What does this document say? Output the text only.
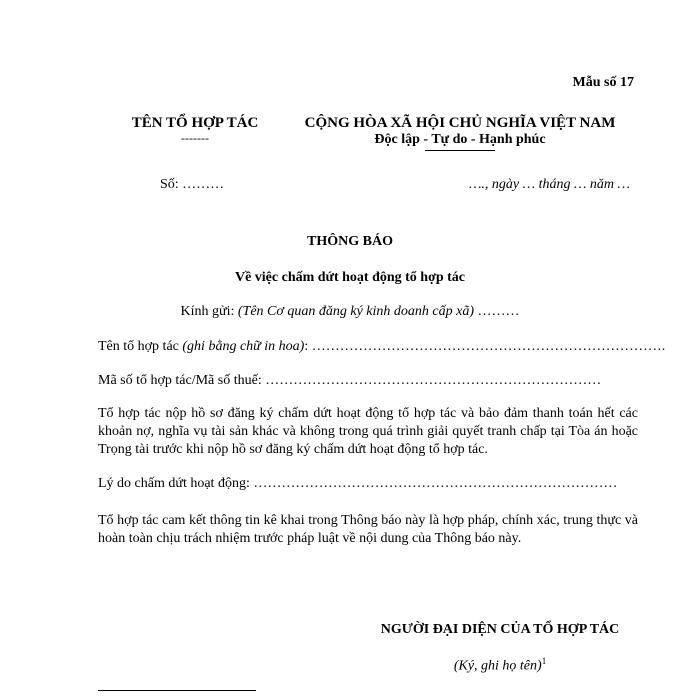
Mẫu số 17
TÊN TỔ HỢP TÁC
-------
CỘNG HÒA XÃ HỘI CHỦ NGHĨA VIỆT NAM
Độc lập - Tự do - Hạnh phúc
Số: ………	…., ngày … tháng … năm …
THÔNG BÁO
Về việc chấm dứt hoạt động tổ hợp tác
Kính gửi: (Tên Cơ quan đăng ký kinh doanh cấp xã) ………
Tên tổ hợp tác (ghi bằng chữ in hoa): ………………………………………………………………….
Mã số tổ hợp tác/Mã số thuế: ………………………………………………………………
Tổ hợp tác nộp hồ sơ đăng ký chấm dứt hoạt động tổ hợp tác và bảo đảm thanh toán hết các khoản nợ, nghĩa vụ tài sản khác và không trong quá trình giải quyết tranh chấp tại Tòa án hoặc Trọng tài trước khi nộp hồ sơ đăng ký chấm dứt hoạt động tổ hợp tác.
Lý do chấm dứt hoạt động: ……………………………………………………………………
Tổ hợp tác cam kết thông tin kê khai trong Thông báo này là hợp pháp, chính xác, trung thực và hoàn toàn chịu trách nhiệm trước pháp luật về nội dung của Thông báo này.
NGƯỜI ĐẠI DIỆN CỦA TỔ HỢP TÁC
(Ký, ghi họ tên)$^1$
